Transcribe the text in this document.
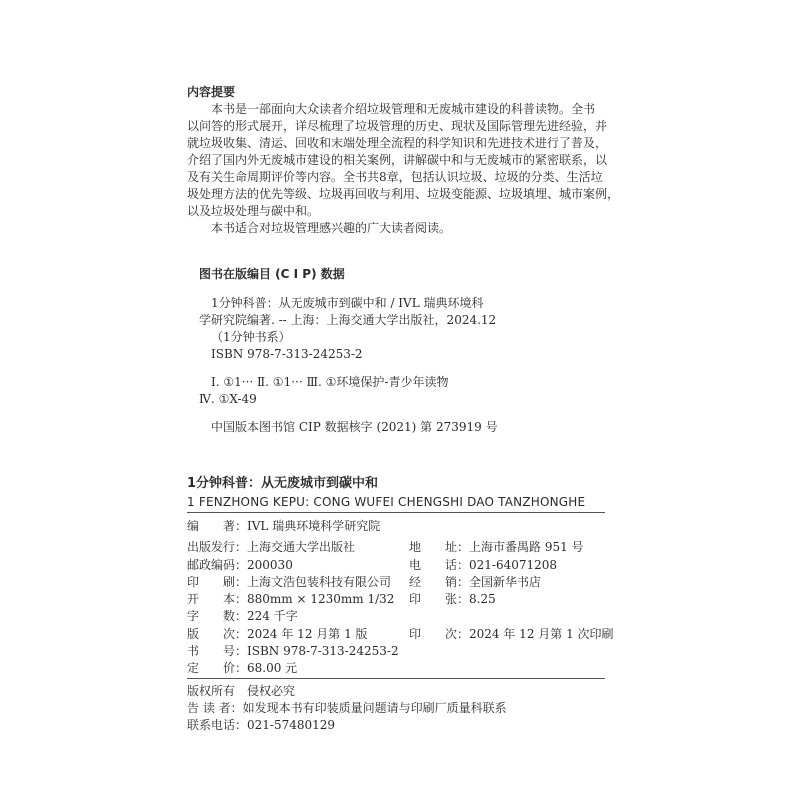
内容提要
本书是一部面向大众读者介绍垃圾管理和无废城市建设的科普读物。全书
以问答的形式展开，详尽梳理了垃圾管理的历史、现状及国际管理先进经验，并
就垃圾收集、清运、回收和末端处理全流程的科学知识和先进技术进行了普及，
介绍了国内外无废城市建设的相关案例，讲解碳中和与无废城市的紧密联系，以
及有关生命周期评价等内容。全书共8章，包括认识垃圾、垃圾的分类、生活垃
圾处理方法的优先等级、垃圾再回收与利用、垃圾变能源、垃圾填埋、城市案例，
以及垃圾处理与碳中和。
本书适合对垃圾管理感兴趣的广大读者阅读。
图书在版编目 (C I P) 数据
1分钟科普：从无废城市到碳中和 / IVL 瑞典环境科
学研究院编著. -- 上海：上海交通大学出版社，2024.12
（1分钟书系）
ISBN 978-7-313-24253-2
Ⅰ. ①1··· Ⅱ. ①1··· Ⅲ. ①环境保护-青少年读物
Ⅳ. ①X-49
中国版本图书馆 CIP 数据核字 (2021) 第 273919 号
1分钟科普：从无废城市到碳中和
1 FENZHONG KEPU: CONG WUFEI CHENGSHI DAO TANZHONGHE
编　　著：IVL 瑞典环境科学研究院
出版发行：上海交通大学出版社	地　　址：上海市番禺路 951 号
邮政编码：200030	电　　话：021-64071208
印　　刷：上海文浩包装科技有限公司 经　　销：全国新华书店
开　　本：880mm × 1230mm 1/32 印　　张：8.25
字　　数：224 千字
版　　次：2024 年 12 月第 1 版	印　　次：2024 年 12 月第 1 次印刷
书　　号：ISBN 978-7-313-24253-2
定　　价：68.00 元
版权所有 侵权必究
告 读 者：如发现本书有印装质量问题请与印刷厂质量科联系
联系电话：021-57480129
